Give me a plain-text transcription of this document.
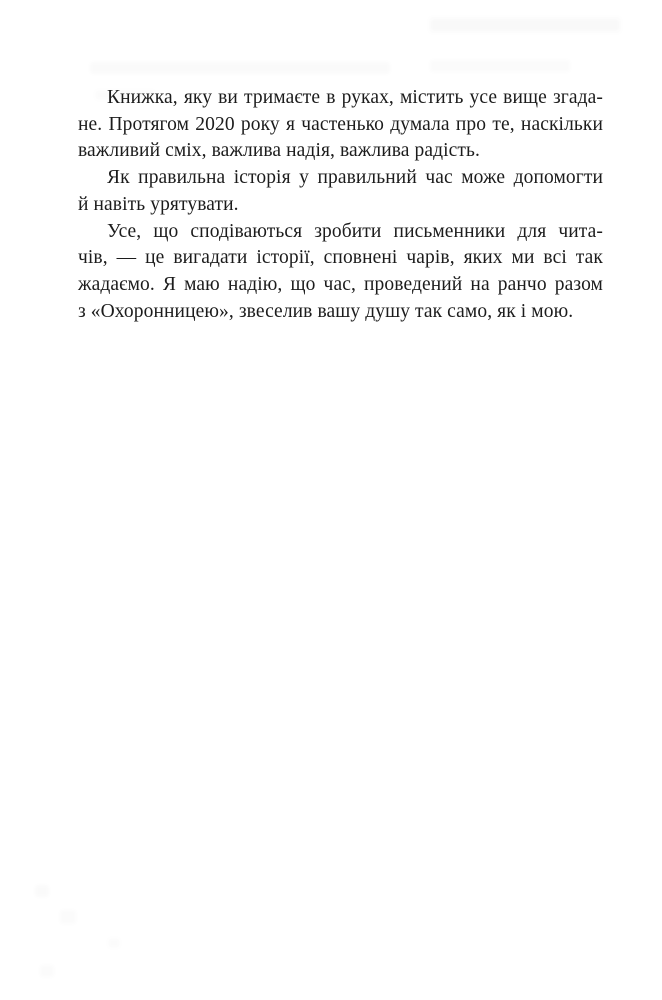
Книжка, яку ви тримаєте в руках, містить усе вище згада-
не. Протягом 2020 року я частенько думала про те, наскільки
важливий сміх, важлива надія, важлива радість.

Як правильна історія у правильний час може допомогти
й навіть урятувати.

Усе, що сподіваються зробити письменники для чита-
чів, — це вигадати історії, сповнені чарів, яких ми всі так
жадаємо. Я маю надію, що час, проведений на ранчо разом
з «Охоронницею», звеселив вашу душу так само, як і мою.
